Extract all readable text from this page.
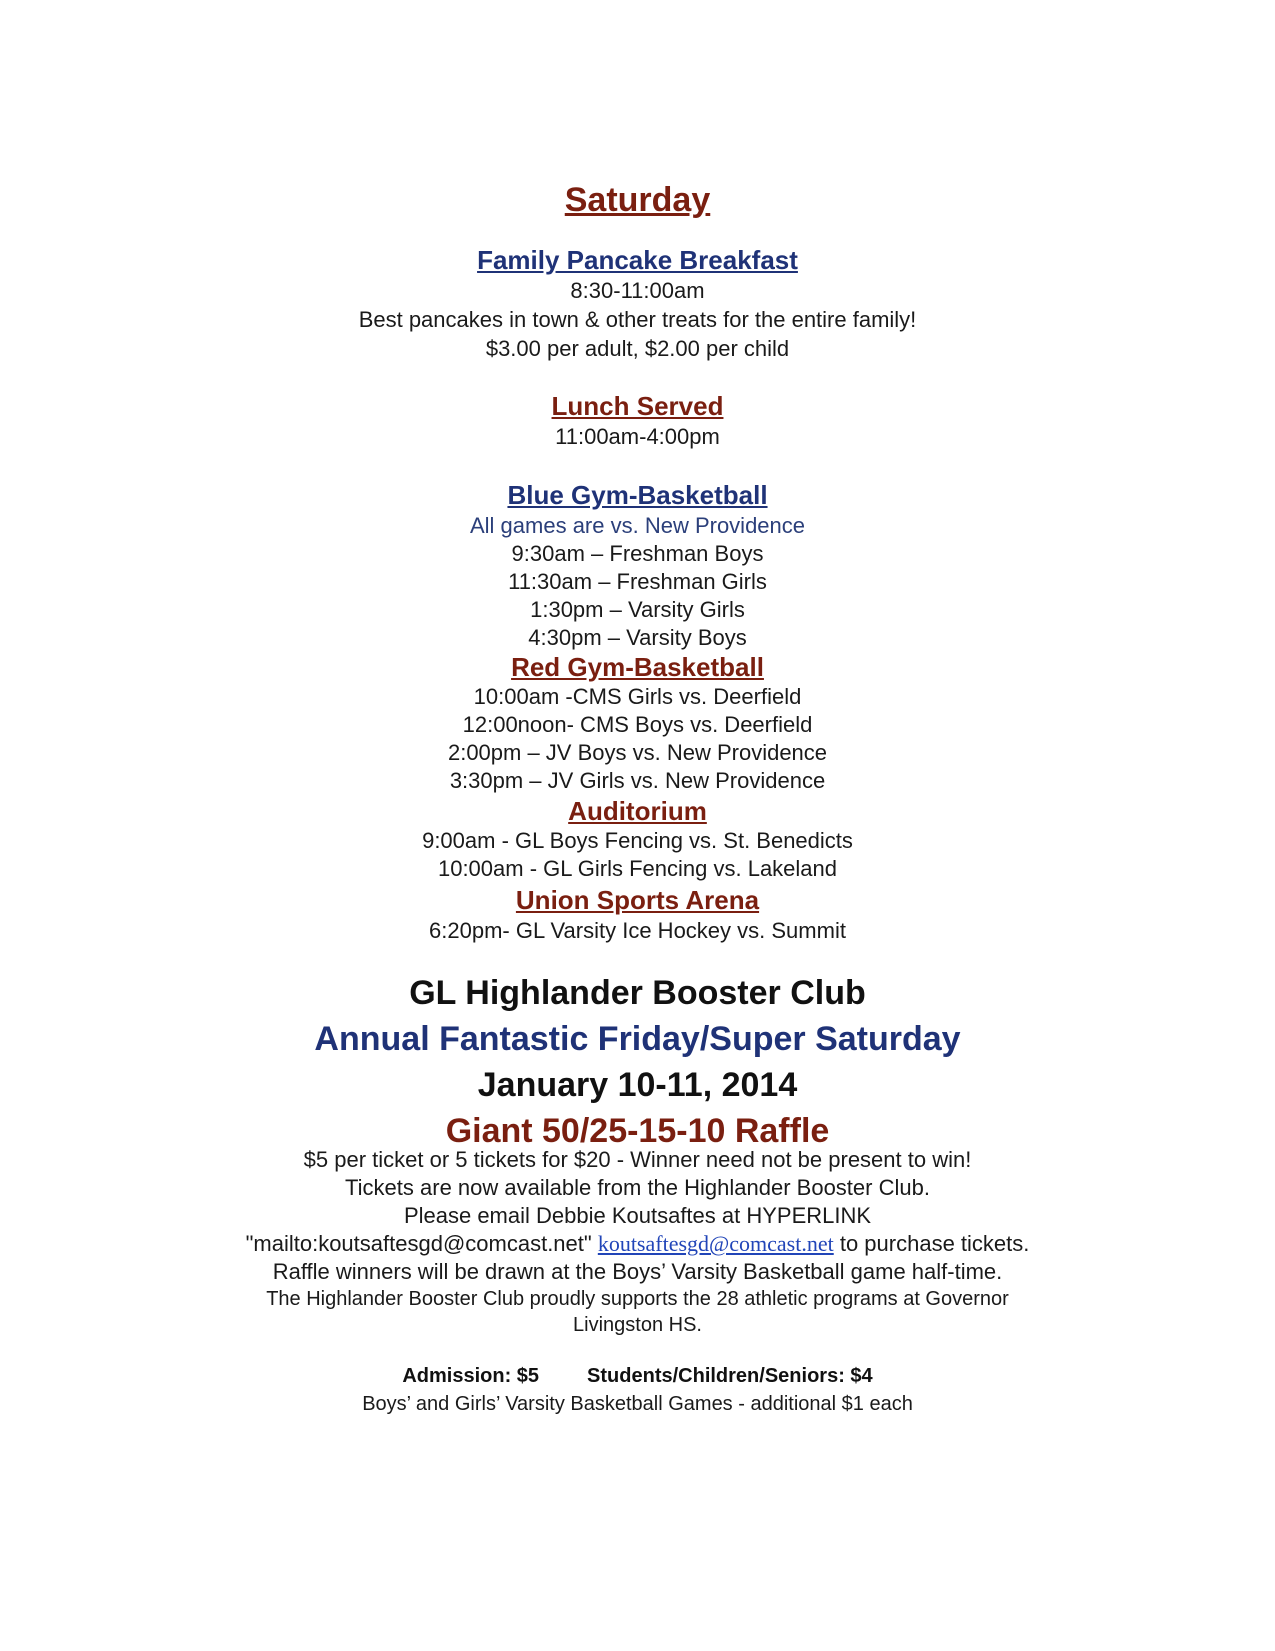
Saturday
Family Pancake Breakfast
8:30-11:00am
Best pancakes in town & other treats for the entire family!
$3.00 per adult, $2.00 per child
Lunch Served
11:00am-4:00pm
Blue Gym-Basketball
All games are vs. New Providence
9:30am – Freshman Boys
11:30am – Freshman Girls
1:30pm – Varsity Girls
4:30pm – Varsity Boys
Red Gym-Basketball
10:00am -CMS Girls vs. Deerfield
12:00noon- CMS Boys vs. Deerfield
2:00pm – JV Boys vs. New Providence
3:30pm – JV Girls vs. New Providence
Auditorium
9:00am - GL Boys Fencing vs. St. Benedicts
10:00am - GL Girls Fencing vs. Lakeland
Union Sports Arena
6:20pm- GL Varsity Ice Hockey vs. Summit
GL Highlander Booster Club
Annual Fantastic Friday/Super Saturday
January 10-11, 2014
Giant 50/25-15-10 Raffle
$5 per ticket or 5 tickets for $20 - Winner need not be present to win!
Tickets are now available from the Highlander Booster Club.
Please email Debbie Koutsaftes at HYPERLINK
"mailto:koutsaftesgd@comcast.net" koutsaftesgd@comcast.net to purchase tickets.
Raffle winners will be drawn at the Boys’ Varsity Basketball game half-time.
The Highlander Booster Club proudly supports the 28 athletic programs at Governor
Livingston HS.
Admission: $5 Students/Children/Seniors: $4
Boys’ and Girls’ Varsity Basketball Games - additional $1 each
